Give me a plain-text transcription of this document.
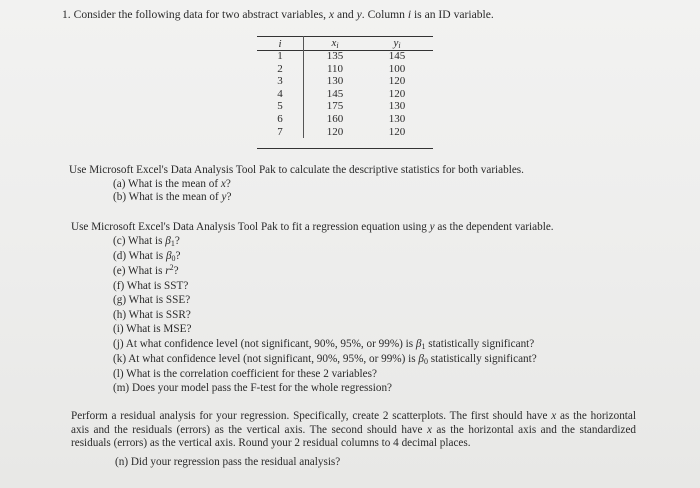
1. Consider the following data for two abstract variables, x and y. Column i is an ID variable.
i	$x_i$	$y_i$
1	135	145
2	110	100
3	130	120
4	145	120
5	175	130
6	160	130
7	120	120
Use Microsoft Excel's Data Analysis Tool Pak to calculate the descriptive statistics for both variables.
(a) What is the mean of x?
(b) What is the mean of y?
Use Microsoft Excel's Data Analysis Tool Pak to fit a regression equation using y as the dependent variable.
(c) What is $\beta_1$?
(d) What is $\beta_0$?
(e) What is $r^2$?
(f) What is SST?
(g) What is SSE?
(h) What is SSR?
(i) What is MSE?
(j) At what confidence level (not significant, 90%, 95%, or 99%) is $\beta_1$ statistically significant?
(k) At what confidence level (not significant, 90%, 95%, or 99%) is $\beta_0$ statistically significant?
(l) What is the correlation coefficient for these 2 variables?
(m) Does your model pass the F-test for the whole regression?
Perform a residual analysis for your regression. Specifically, create 2 scatterplots. The first should have x as the horizontal axis and the residuals (errors) as the vertical axis. The second should have x as the horizontal axis and the standardized residuals (errors) as the vertical axis. Round your 2 residual columns to 4 decimal places.
(n) Did your regression pass the residual analysis?
